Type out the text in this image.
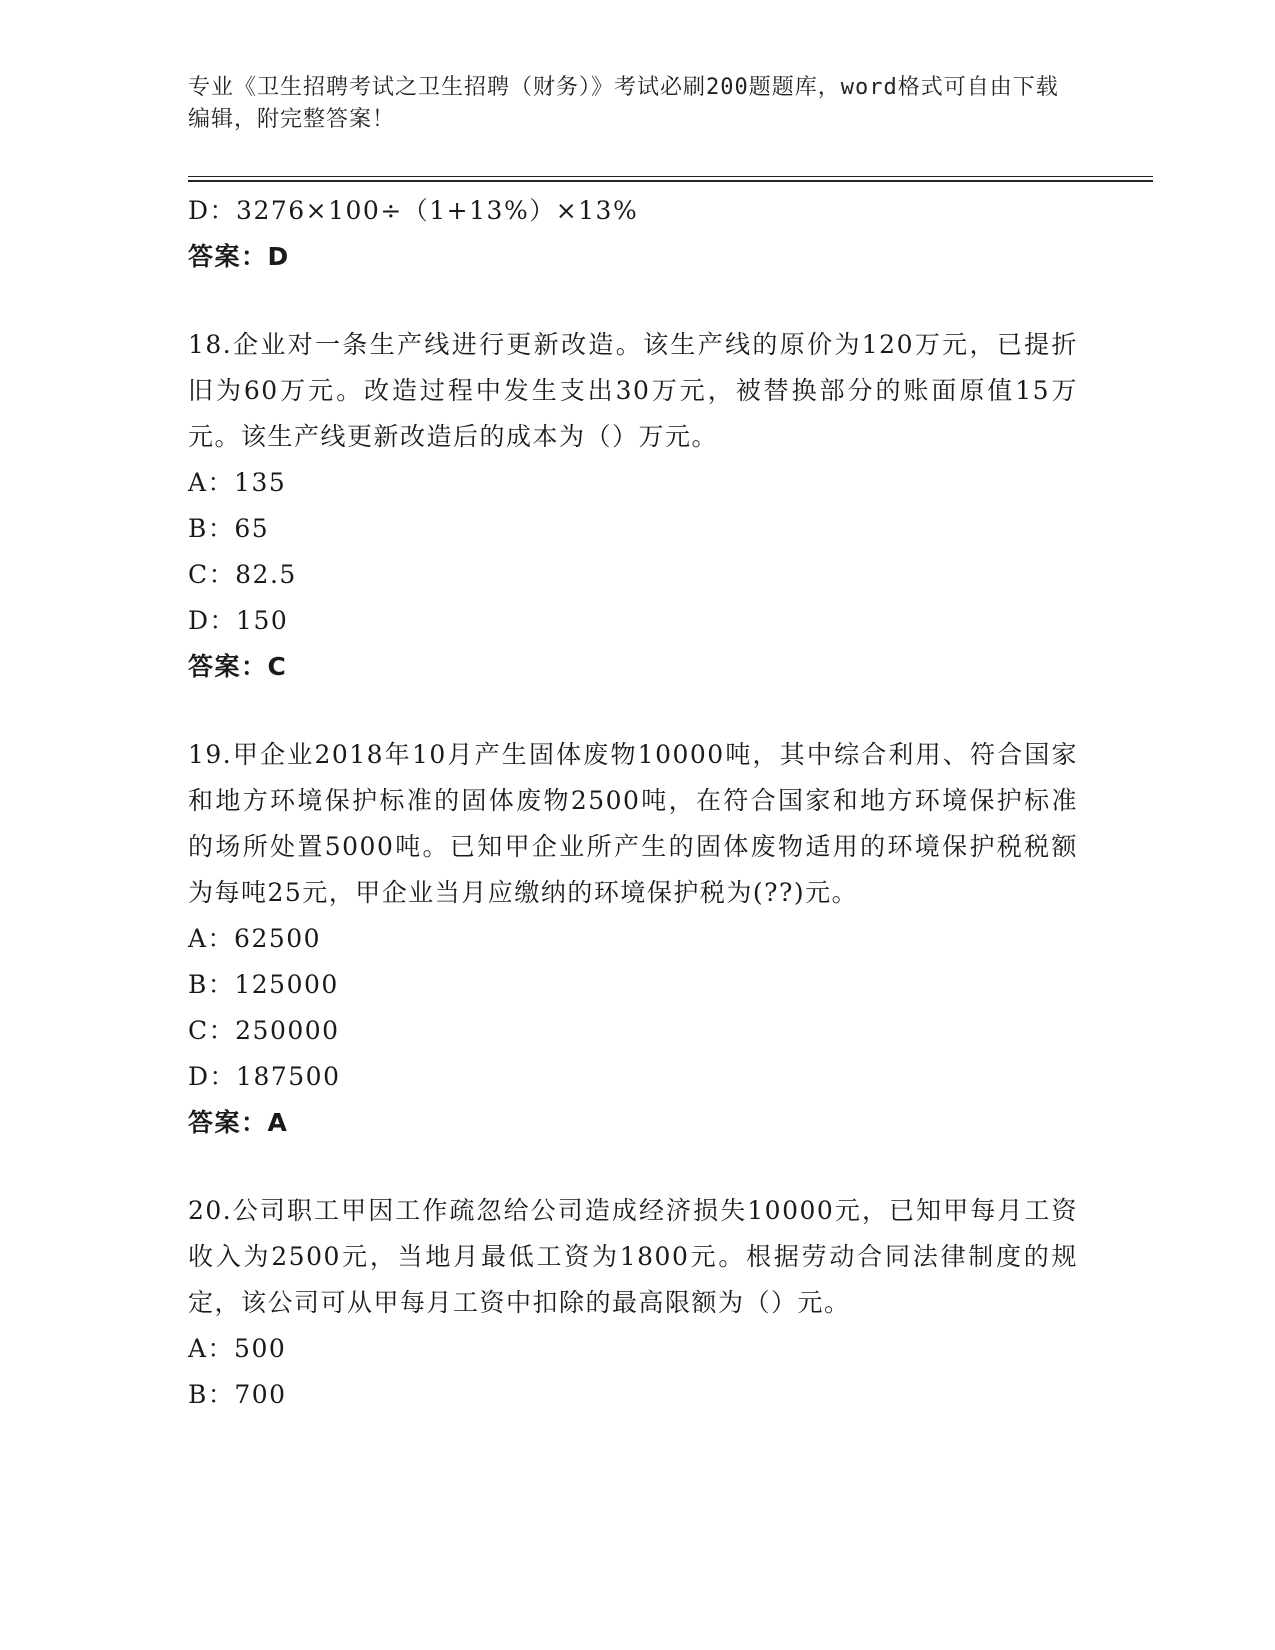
专业《卫生招聘考试之卫生招聘（财务）》考试必刷200题题库，word格式可自由下载编辑，附完整答案！

D：3276×100÷（1+13%）×13%

答案：D

18.企业对一条生产线进行更新改造。该生产线的原价为120万元，已提折旧为60万元。改造过程中发生支出30万元，被替换部分的账面原值15万元。该生产线更新改造后的成本为（）万元。

A：135

B：65

C：82.5

D：150

答案：C

19.甲企业2018年10月产生固体废物10000吨，其中综合利用、符合国家和地方环境保护标准的固体废物2500吨，在符合国家和地方环境保护标准的场所处置5000吨。已知甲企业所产生的固体废物适用的环境保护税税额为每吨25元，甲企业当月应缴纳的环境保护税为(??)元。

A：62500

B：125000

C：250000

D：187500

答案：A

20.公司职工甲因工作疏忽给公司造成经济损失10000元，已知甲每月工资收入为2500元，当地月最低工资为1800元。根据劳动合同法律制度的规定，该公司可从甲每月工资中扣除的最高限额为（）元。

A：500

B：700
